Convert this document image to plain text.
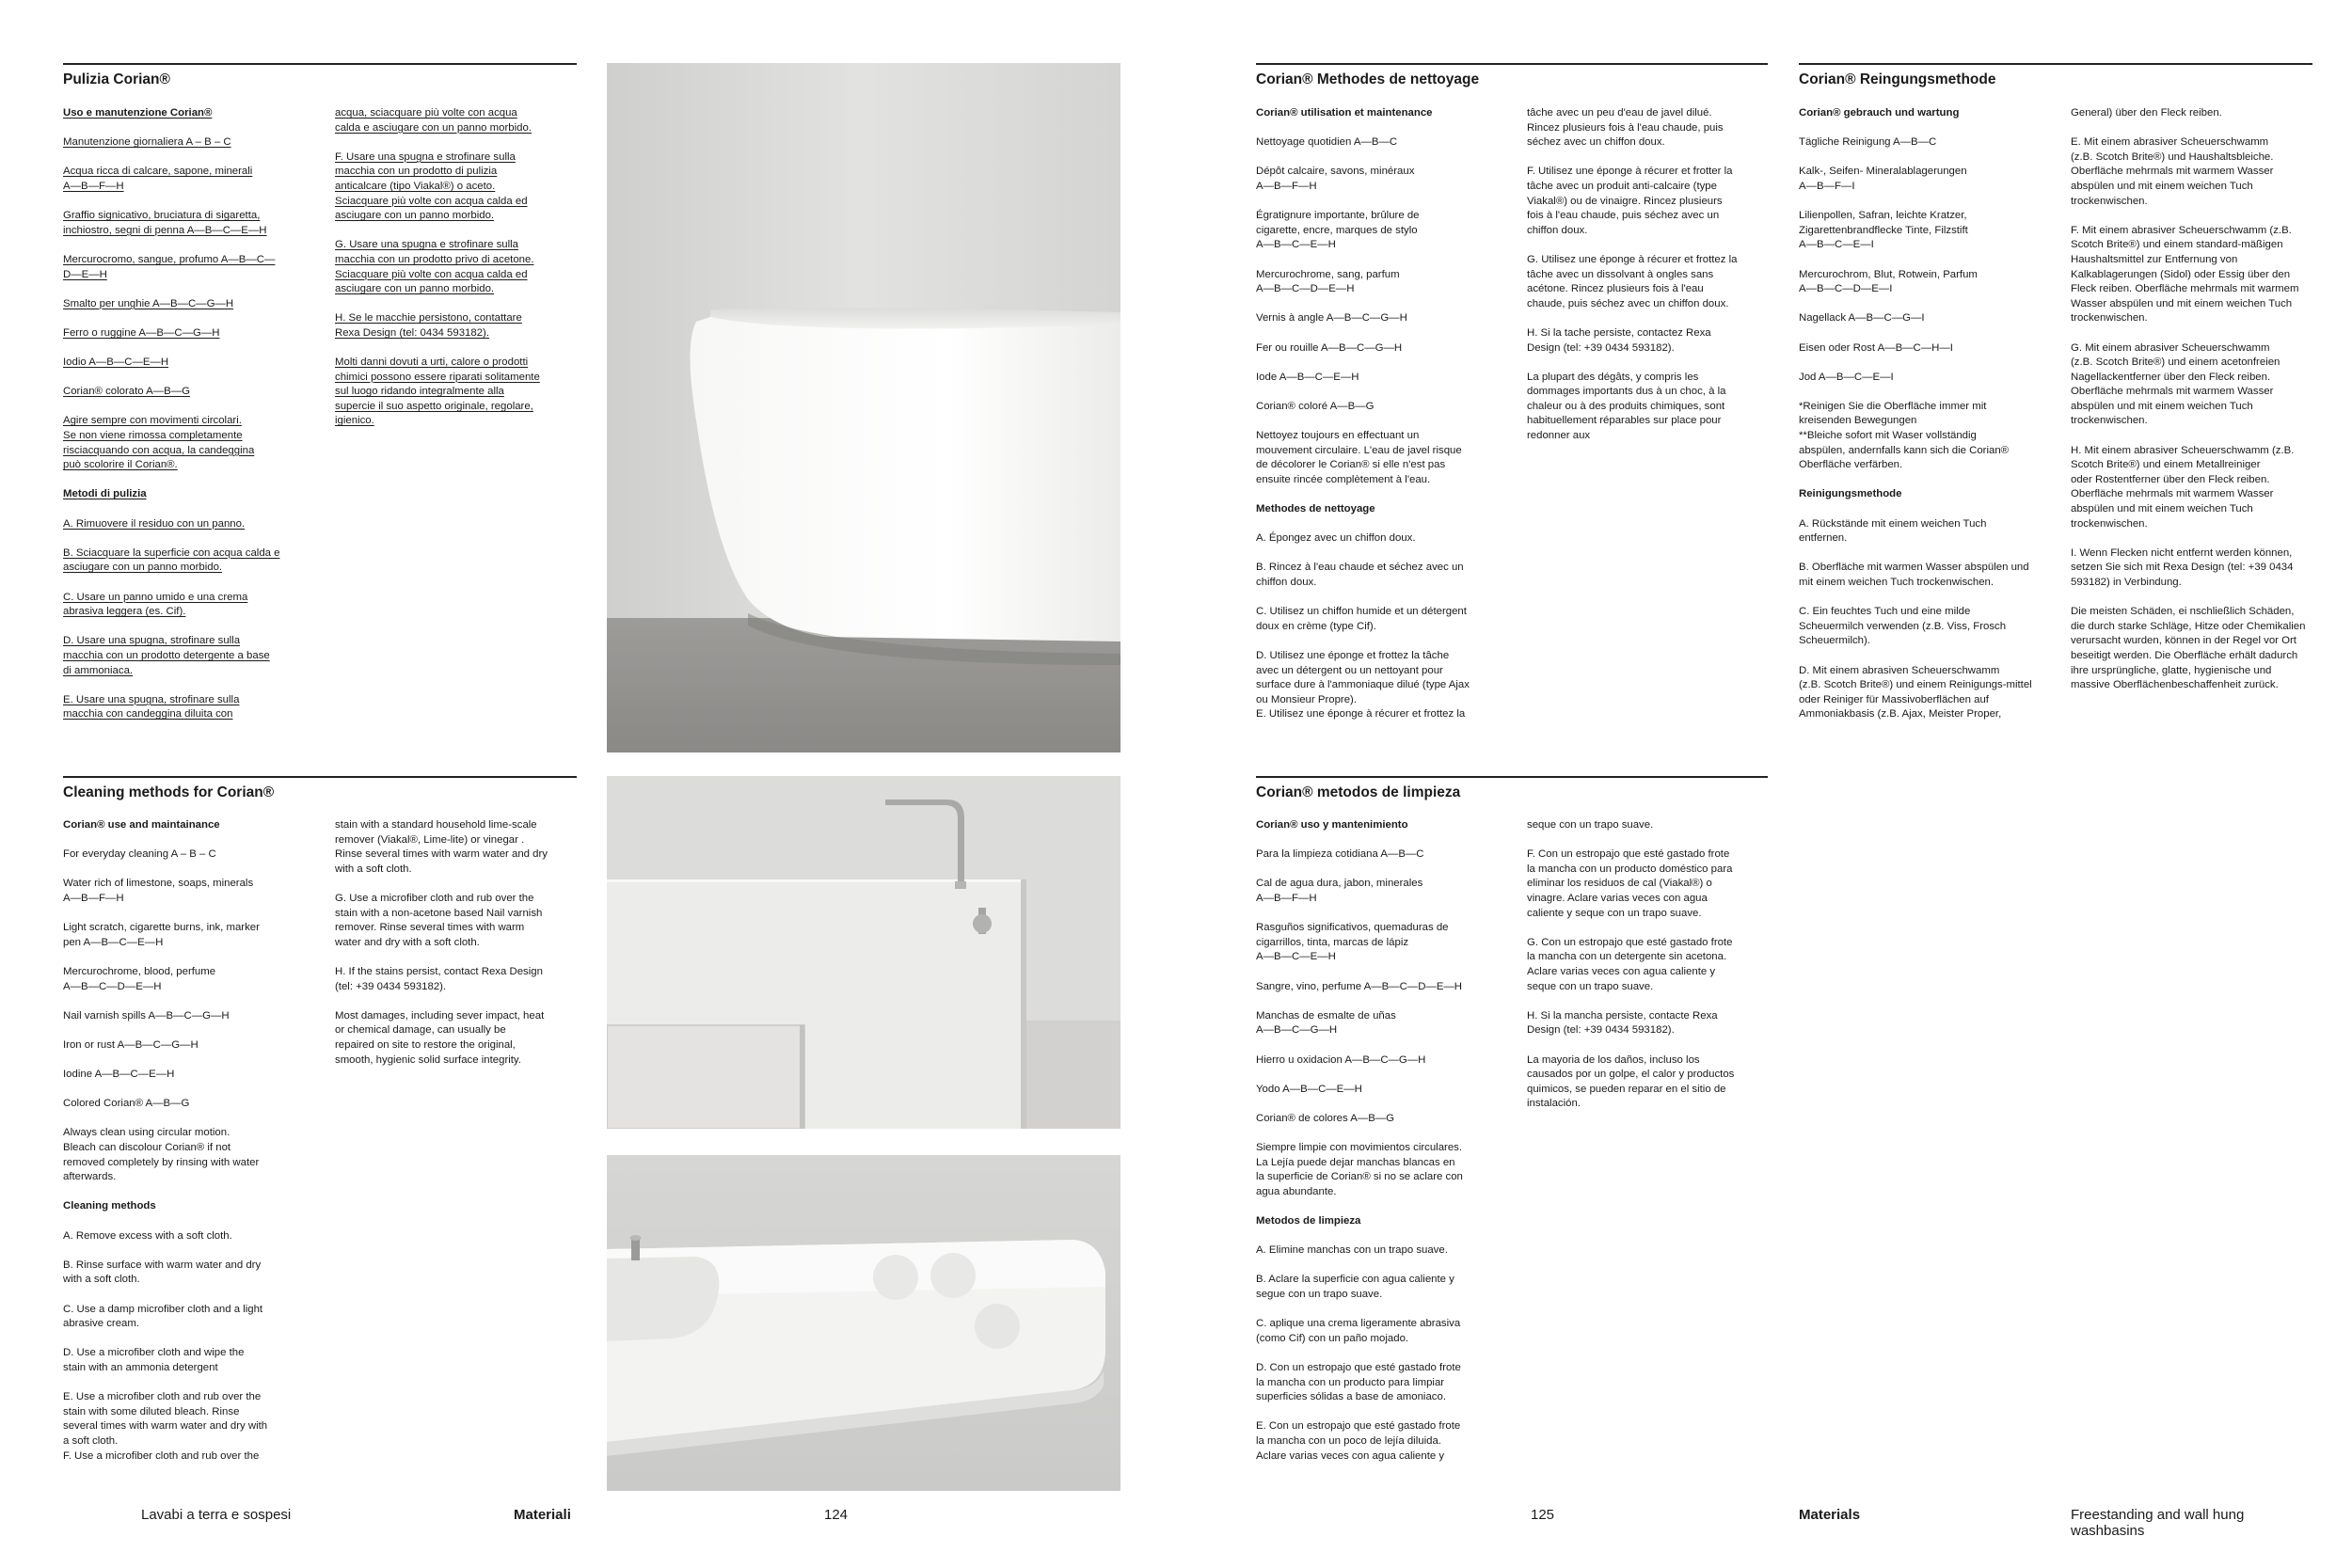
Pulizia Corian®

Uso e manutenzione Corian®

Manutenzione giornaliera A – B – C

Acqua ricca di calcare, sapone, minerali
A—B—F—H

Graffio signicativo, bruciatura di sigaretta,
inchiostro, segni di penna A—B—C—E—H

Mercurocromo, sangue, profumo A—B—C—
D—E—H

Smalto per unghie A—B—C—G—H

Ferro o ruggine A—B—C—G—H

Iodio A—B—C—E—H

Corian® colorato A—B—G

Agire sempre con movimenti circolari.
Se non viene rimossa completamente
risciacquando con acqua, la candeggina
può scolorire il Corian®.

Metodi di pulizia

A. Rimuovere il residuo con un panno.

B. Sciacquare la superficie con acqua calda e
asciugare con un panno morbido.

C. Usare un panno umido e una crema
abrasiva leggera (es. Cif).

D. Usare una spugna, strofinare sulla
macchia con un prodotto detergente a base
di ammoniaca.

E. Usare una spugna, strofinare sulla
macchia con candeggina diluita con

acqua, sciacquare più volte con acqua
calda e asciugare con un panno morbido.

F. Usare una spugna e strofinare sulla
macchia con un prodotto di pulizia
anticalcare (tipo Viakal®) o aceto.
Sciacquare più volte con acqua calda ed
asciugare con un panno morbido.

G. Usare una spugna e strofinare sulla
macchia con un prodotto privo di acetone.
Sciacquare più volte con acqua calda ed
asciugare con un panno morbido.

H. Se le macchie persistono, contattare
Rexa Design (tel: 0434 593182).

Molti danni dovuti a urti, calore o prodotti
chimici possono essere riparati solitamente
sul luogo ridando integralmente alla
supercie il suo aspetto originale, regolare,
igienico.

Cleaning methods for Corian®

Corian® use and maintainance

For everyday cleaning A – B – C

Water rich of limestone, soaps, minerals
A—B—F—H

Light scratch, cigarette burns, ink, marker
pen A—B—C—E—H

Mercurochrome, blood, perfume
A—B—C—D—E—H

Nail varnish spills A—B—C—G—H

Iron or rust A—B—C—G—H

Iodine A—B—C—E—H

Colored Corian® A—B—G

Always clean using circular motion.
Bleach can discolour Corian® if not
removed completely by rinsing with water
afterwards.

Cleaning methods

A. Remove excess with a soft cloth.

B. Rinse surface with warm water and dry
with a soft cloth.

C. Use a damp microfiber cloth and a light
abrasive cream.

D. Use a microfiber cloth and wipe the
stain with an ammonia detergent

E. Use a microfiber cloth and rub over the
stain with some diluted bleach. Rinse
several times with warm water and dry with
a soft cloth.
F. Use a microfiber cloth and rub over the

stain with a standard household lime-scale
remover (Viakal®, Lime-lite) or vinegar .
Rinse several times with warm water and dry
with a soft cloth.

G. Use a microfiber cloth and rub over the
stain with a non-acetone based Nail varnish
remover. Rinse several times with warm
water and dry with a soft cloth.

H. If the stains persist, contact Rexa Design
(tel: +39 0434 593182).

Most damages, including sever impact, heat
or chemical damage, can usually be
repaired on site to restore the original,
smooth, hygienic solid surface integrity.

Corian® Methodes de nettoyage

Corian® utilisation et maintenance

Nettoyage quotidien A—B—C

Dépôt calcaire, savons, minéraux
A—B—F—H

Égratignure importante, brûlure de
cigarette, encre, marques de stylo
A—B—C—E—H

Mercurochrome, sang, parfum
A—B—C—D—E—H

Vernis à angle A—B—C—G—H

Fer ou rouille A—B—C—G—H

Iode A—B—C—E—H

Corian® coloré A—B—G

Nettoyez toujours en effectuant un
mouvement circulaire. L'eau de javel risque
de décolorer le Corian® si elle n'est pas
ensuite rincée complètement à l'eau.

Methodes de nettoyage

A. Épongez avec un chiffon doux.

B. Rincez à l'eau chaude et séchez avec un
chiffon doux.

C. Utilisez un chiffon humide et un détergent
doux en crème (type Cif).

D. Utilisez une éponge et frottez la tâche
avec un détergent ou un nettoyant pour
surface dure à l'ammoniaque dilué (type Ajax
ou Monsieur Propre).
E. Utilisez une éponge à récurer et frottez la

tâche avec un peu d'eau de javel dilué.
Rincez plusieurs fois à l'eau chaude, puis
séchez avec un chiffon doux.

F. Utilisez une éponge à récurer et frotter la
tâche avec un produit anti-calcaire (type
Viakal®) ou de vinaigre. Rincez plusieurs
fois à l'eau chaude, puis séchez avec un
chiffon doux.

G. Utilisez une éponge à récurer et frottez la
tâche avec un dissolvant à ongles sans
acétone. Rincez plusieurs fois à l'eau
chaude, puis séchez avec un chiffon doux.

H. Si la tache persiste, contactez Rexa
Design (tel: +39 0434 593182).

La plupart des dégâts, y compris les
dommages importants dus à un choc, à la
chaleur ou à des produits chimiques, sont
habituellement réparables sur place pour
redonner aux

Corian® Reingungsmethode

Corian® gebrauch und wartung

Tägliche Reinigung A—B—C

Kalk-, Seifen- Mineralablagerungen
A—B—F—I

Lilienpollen, Safran, leichte Kratzer,
Zigarettenbrandflecke Tinte, Filzstift
A—B—C—E—I

Mercurochrom, Blut, Rotwein, Parfum
A—B—C—D—E—I

Nagellack A—B—C—G—I

Eisen oder Rost A—B—C—H—I

Jod A—B—C—E—I

*Reinigen Sie die Oberfläche immer mit
kreisenden Bewegungen
**Bleiche sofort mit Waser vollständig
abspülen, andernfalls kann sich die Corian®
Oberfläche verfärben.

Reinigungsmethode

A. Rückstände mit einem weichen Tuch
entfernen.

B. Oberfläche mit warmen Wasser abspülen und
mit einem weichen Tuch trockenwischen.

C. Ein feuchtes Tuch und eine milde
Scheuermilch verwenden (z.B. Viss, Frosch
Scheuermilch).

D. Mit einem abrasiven Scheuerschwamm
(z.B. Scotch Brite®) und einem Reinigungs-mittel
oder Reiniger für Massivoberflächen auf
Ammoniakbasis (z.B. Ajax, Meister Proper,

General) über den Fleck reiben.

E. Mit einem abrasiver Scheuerschwamm
(z.B. Scotch Brite®) und Haushaltsbleiche.
Oberfläche mehrmals mit warmem Wasser
abspülen und mit einem weichen Tuch
trockenwischen.

F. Mit einem abrasiver Scheuerschwamm (z.B.
Scotch Brite®) und einem standard-mäßigen
Haushaltsmittel zur Entfernung von
Kalkablagerungen (Sidol) oder Essig über den
Fleck reiben. Oberfläche mehrmals mit warmem
Wasser abspülen und mit einem weichen Tuch
trockenwischen.

G. Mit einem abrasiver Scheuerschwamm
(z.B. Scotch Brite®) und einem acetonfreien
Nagellackentferner über den Fleck reiben.
Oberfläche mehrmals mit warmem Wasser
abspülen und mit einem weichen Tuch
trockenwischen.

H. Mit einem abrasiver Scheuerschwamm (z.B.
Scotch Brite®) und einem Metallreiniger
oder Rostentferner über den Fleck reiben.
Oberfläche mehrmals mit warmem Wasser
abspülen und mit einem weichen Tuch
trockenwischen.

I. Wenn Flecken nicht entfernt werden können,
setzen Sie sich mit Rexa Design (tel: +39 0434
593182) in Verbindung.

Die meisten Schäden, ei nschließlich Schäden,
die durch starke Schläge, Hitze oder Chemikalien
verursacht wurden, können in der Regel vor Ort
beseitigt werden. Die Oberfläche erhält dadurch
ihre ursprüngliche, glatte, hygienische und
massive Oberflächenbeschaffenheit zurück.

Corian® metodos de limpieza

Corian® uso y mantenimiento

Para la limpieza cotidiana A—B—C

Cal de agua dura, jabon, minerales
A—B—F—H

Rasguños significativos, quemaduras de
cigarrillos, tinta, marcas de lápiz
A—B—C—E—H

Sangre, vino, perfume A—B—C—D—E—H

Manchas de esmalte de uñas
A—B—C—G—H

Hierro u oxidacion A—B—C—G—H

Yodo A—B—C—E—H

Corian® de colores A—B—G

Siempre limpie con movimientos circulares.
La Lejía puede dejar manchas blancas en
la superficie de Corian® si no se aclare con
agua abundante.

Metodos de limpieza

A. Elimine manchas con un trapo suave.

B. Aclare la superficie con agua caliente y
segue con un trapo suave.

C. aplique una crema ligeramente abrasiva
(como Cif) con un paño mojado.

D. Con un estropajo que esté gastado frote
la mancha con un producto para limpiar
superficies sólidas a base de amoniaco.

E. Con un estropajo que esté gastado frote
la mancha con un poco de lejía diluida.
Aclare varias veces con agua caliente y

seque con un trapo suave.

F. Con un estropajo que esté gastado frote
la mancha con un producto doméstico para
eliminar los residuos de cal (Viakal®) o
vinagre. Aclare varias veces con agua
caliente y seque con un trapo suave.

G. Con un estropajo que esté gastado frote
la mancha con un detergente sin acetona.
Aclare varias veces con agua caliente y
seque con un trapo suave.

H. Si la mancha persiste, contacte Rexa
Design (tel: +39 0434 593182).

La mayoria de los daños, incluso los
causados por un golpe, el calor y productos
quimicos, se pueden reparar en el sitio de
instalación.

Lavabi a terra e sospesi	Materiali	124	125	Materials	Freestanding and wall hung
washbasins
